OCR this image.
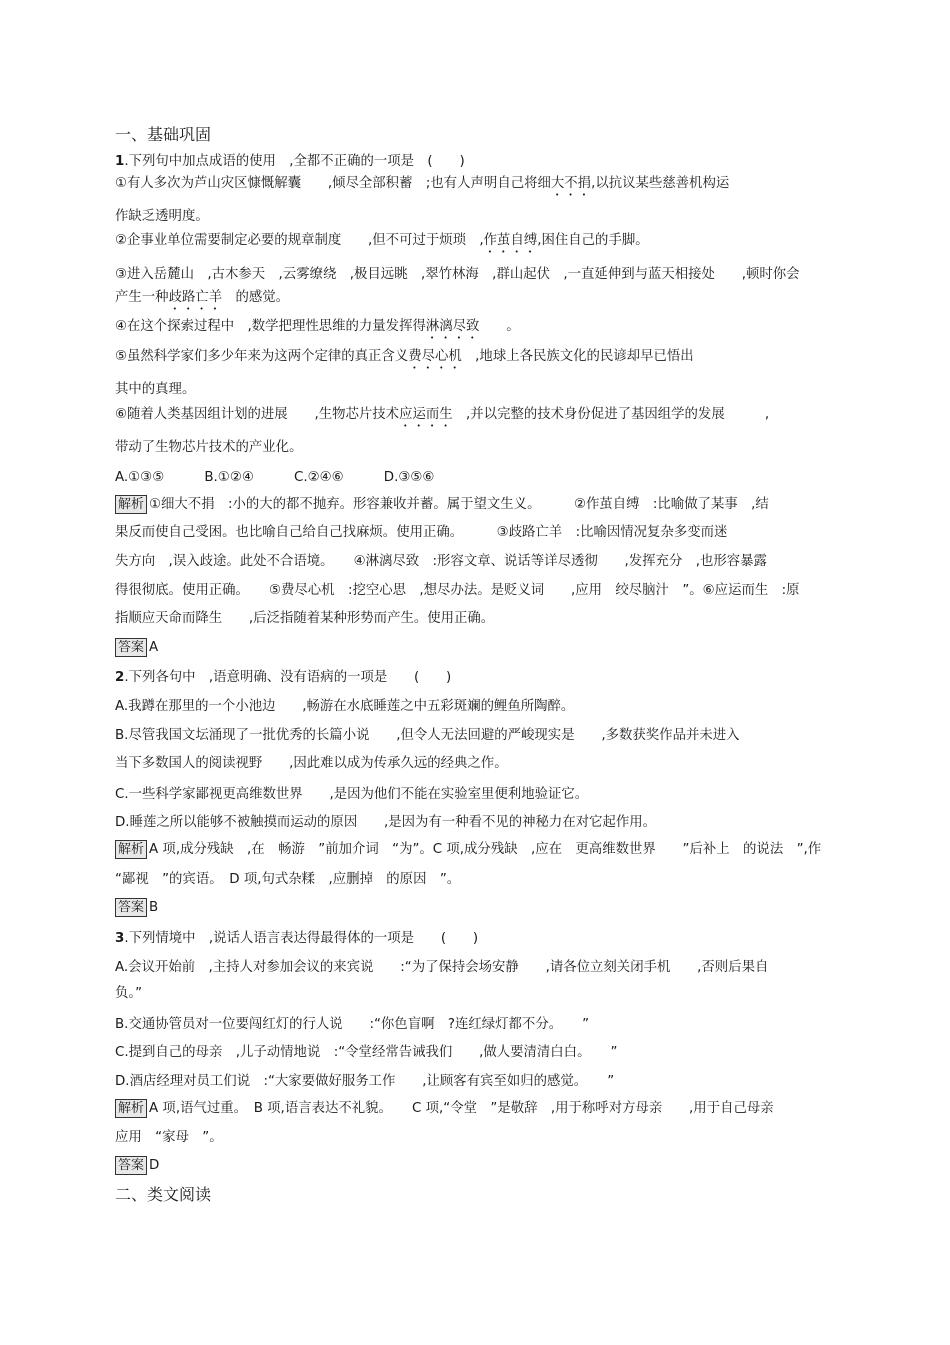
一、基础巩固
1.下列句中加点成语的使用　,全都不正确的一项是　(　　)
①有人多次为芦山灾区慷慨解囊　　,倾尽全部积蓄　;也有人声明自己将细大不捐,以抗议某些慈善机构运
作缺乏透明度。
②企事业单位需要制定必要的规章制度　　,但不可过于烦琐　,作茧自缚,困住自己的手脚。
③进入岳麓山　,古木参天　,云雾缭绕　,极目远眺　,翠竹林海　,群山起伏　,一直延伸到与蓝天相接处　　,顿时你会
产生一种歧路亡羊　的感觉。
④在这个探索过程中　,数学把理性思维的力量发挥得淋漓尽致　　。
⑤虽然科学家们多少年来为这两个定律的真正含义费尽心机　,地球上各民族文化的民谚却早已悟出
其中的真理。
⑥随着人类基因组计划的进展　　,生物芯片技术应运而生　,并以完整的技术身份促进了基因组学的发展　　　,
带动了生物芯片技术的产业化。
A.①③⑤　　　B.①②④　　　C.②④⑥　　　D.③⑤⑥
解析 ①细大不捐　:小的大的都不抛弃。形容兼收并蓄。属于望文生义。　　　②作茧自缚　:比喻做了某事　,结
果反而使自己受困。也比喻自己给自己找麻烦。使用正确。　　　③歧路亡羊　:比喻因情况复杂多变而迷
失方向　,误入歧途。此处不合语境。　　④淋漓尽致　:形容文章、说话等详尽透彻　　,发挥充分　,也形容暴露
得很彻底。使用正确。　　⑤费尽心机　:挖空心思　,想尽办法。是贬义词　　,应用　绞尽脑汁　”。⑥应运而生　:原
指顺应天命而降生　　,后泛指随着某种形势而产生。使用正确。
答案 A
2.下列各句中　,语意明确、没有语病的一项是　　(　　)
A.我蹲在那里的一个小池边　　,畅游在水底睡莲之中五彩斑斓的鲤鱼所陶醉。
B.尽管我国文坛涌现了一批优秀的长篇小说　　,但令人无法回避的严峻现实是　　,多数获奖作品并未进入
当下多数国人的阅读视野　　,因此难以成为传承久远的经典之作。
C.一些科学家鄙视更高维数世界　　,是因为他们不能在实验室里便利地验证它。
D.睡莲之所以能够不被触摸而运动的原因　　,是因为有一种看不见的神秘力在对它起作用。
解析 A 项,成分残缺　,在　畅游　”前加介词　“为”。C 项,成分残缺　,应在　更高维数世界　　”后补上　的说法　”,作
“鄙视　”的宾语。　D 项,句式杂糅　,应删掉　的原因　”。
答案 B
3.下列情境中　,说话人语言表达得最得体的一项是　　(　　)
A.会议开始前　,主持人对参加会议的来宾说　　:“为了保持会场安静　　,请各位立刻关闭手机　　,否则后果自
负。”
B.交通协管员对一位要闯红灯的行人说　　:“你色盲啊　?连红绿灯都不分。　　”
C.提到自己的母亲　,儿子动情地说　:“令堂经常告诫我们　　,做人要清清白白。　　”
D.酒店经理对员工们说　:“大家要做好服务工作　　,让顾客有宾至如归的感觉。　　”
解析 A 项,语气过重。　B 项,语言表达不礼貌。　　C 项,“令堂　”是敬辞　,用于称呼对方母亲　　,用于自己母亲
应用　“家母　”。
答案 D
二、类文阅读
